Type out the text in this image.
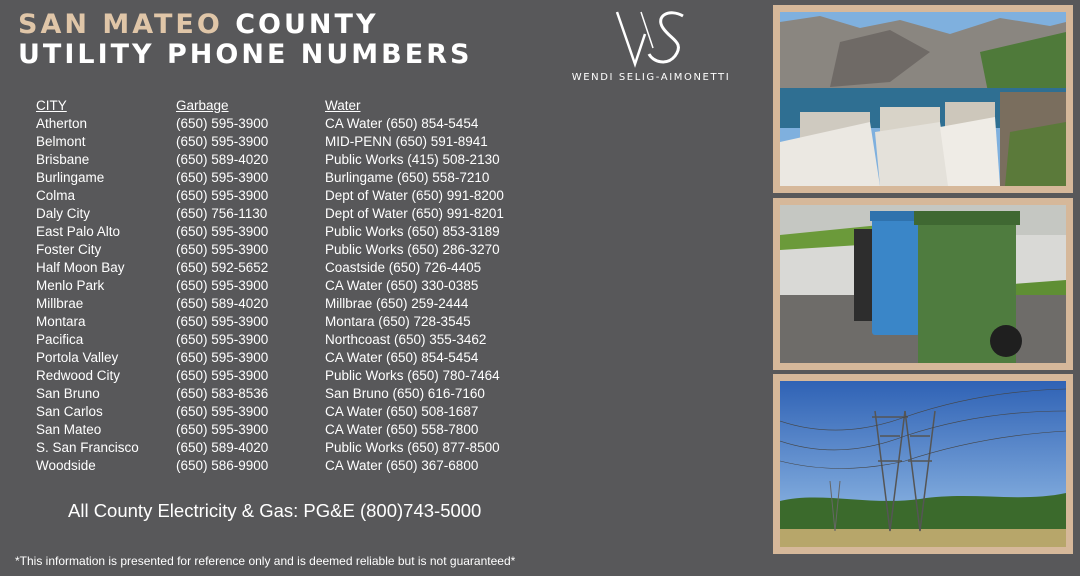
SAN MATEO COUNTY
UTILITY PHONE NUMBERS
WENDI SELIG-AIMONETTI
CITY	Garbage	Water
Atherton	(650) 595-3900	CA Water (650) 854-5454
Belmont	(650) 595-3900	MID-PENN (650) 591-8941
Brisbane	(650) 589-4020	Public Works (415) 508-2130
Burlingame	(650) 595-3900	Burlingame (650) 558-7210
Colma	(650) 595-3900	Dept of Water (650) 991-8200
Daly City	(650) 756-1130	Dept of Water (650) 991-8201
East Palo Alto	(650) 595-3900	Public Works (650) 853-3189
Foster City	(650) 595-3900	Public Works (650) 286-3270
Half Moon Bay	(650) 592-5652	Coastside (650) 726-4405
Menlo Park	(650) 595-3900	CA Water (650) 330-0385
Millbrae	(650) 589-4020	Millbrae (650) 259-2444
Montara	(650) 595-3900	Montara (650) 728-3545
Pacifica	(650) 595-3900	Northcoast (650) 355-3462
Portola Valley	(650) 595-3900	CA Water (650) 854-5454
Redwood City	(650) 595-3900	Public Works (650) 780-7464
San Bruno	(650) 583-8536	San Bruno (650) 616-7160
San Carlos	(650) 595-3900	CA Water (650) 508-1687
San Mateo	(650) 595-3900	CA Water (650) 558-7800
S. San Francisco	(650) 589-4020	Public Works (650) 877-8500
Woodside	(650) 586-9900	CA Water (650) 367-6800
All County Electricity & Gas: PG&E (800)743-5000
*This information is presented for reference only and is deemed reliable but is not guaranteed*
